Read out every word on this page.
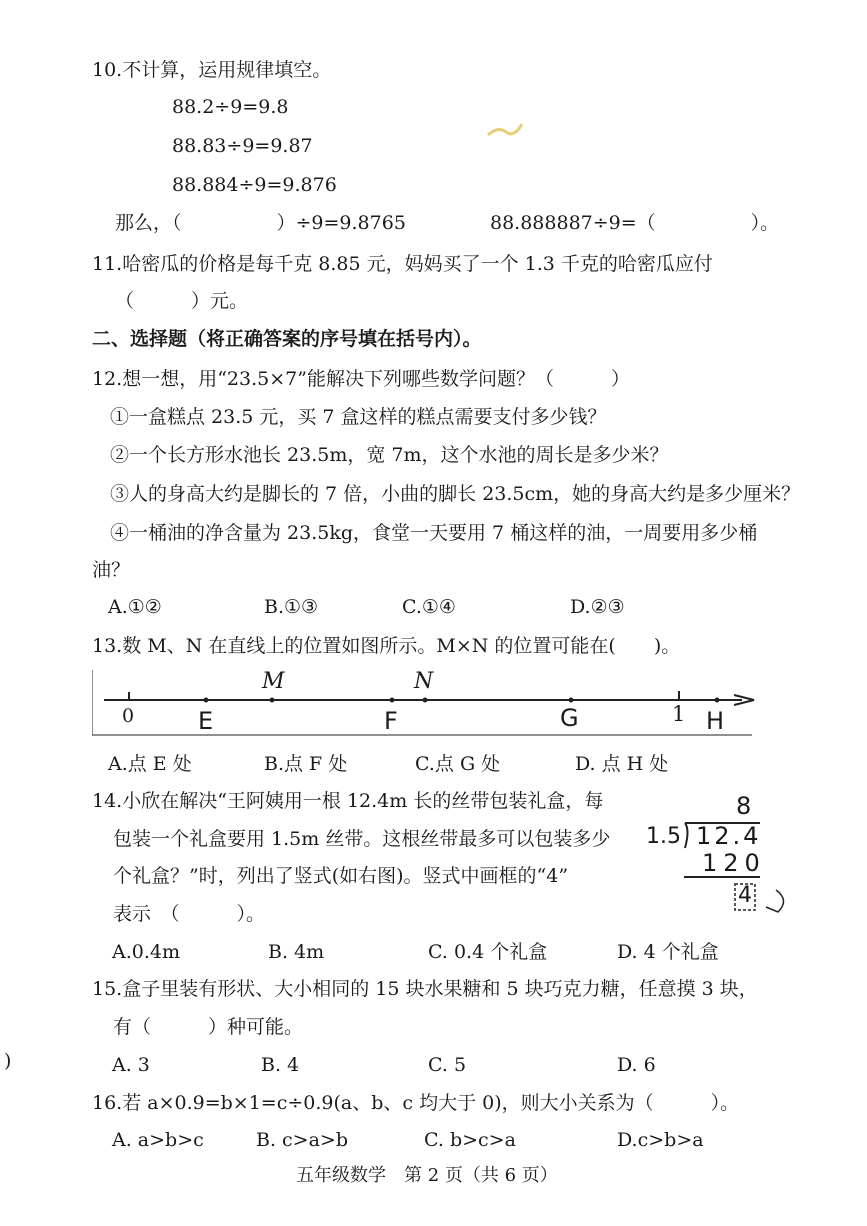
10.不计算，运用规律填空。
88.2÷9=9.8
88.83÷9=9.87
88.884÷9=9.876
那么，（　　　　　）÷9=9.8765	88.888887÷9=（　　　　　）。
11.哈密瓜的价格是每千克 8.85 元，妈妈买了一个 1.3 千克的哈密瓜应付
（　　　）元。
二、选择题（将正确答案的序号填在括号内）。
12.想一想，用“23.5×7”能解决下列哪些数学问题？（　　　）
①一盒糕点 23.5 元，买 7 盒这样的糕点需要支付多少钱？
②一个长方形水池长 23.5m，宽 7m，这个水池的周长是多少米？
③人的身高大约是脚长的 7 倍，小曲的脚长 23.5cm，她的身高大约是多少厘米？
④一桶油的净含量为 23.5kg，食堂一天要用 7 桶这样的油，一周要用多少桶
油？
A.①②	B.①③	C.①④	D.②③
13.数 M、N 在直线上的位置如图所示。M×N 的位置可能在(　　)。
0	E
M
F
N
G	1 H
A.点 E 处	B.点 F 处	C.点 G 处	D. 点 H 处
14.小欣在解决“王阿姨用一根 12.4m 长的丝带包装礼盒，每
包装一个礼盒要用 1.5m 丝带。这根丝带最多可以包装多少
个礼盒？”时，列出了竖式(如右图)。竖式中画框的“4”
表示　（　　　）。
8
1.5 12.4
120
4
A.0.4m	B. 4m	C. 0.4 个礼盒	D. 4 个礼盒
15.盒子里装有形状、大小相同的 15 块水果糖和 5 块巧克力糖，任意摸 3 块，
有（　　　）种可能。
A. 3	B. 4	C. 5	D. 6
)
16.若 a×0.9=b×1=c÷0.9(a、b、c 均大于 0)，则大小关系为（　　　）。
A. a>b>c	B. c>a>b	C. b>c>a	D.c>b>a
五年级数学　第 2 页（共 6 页）
